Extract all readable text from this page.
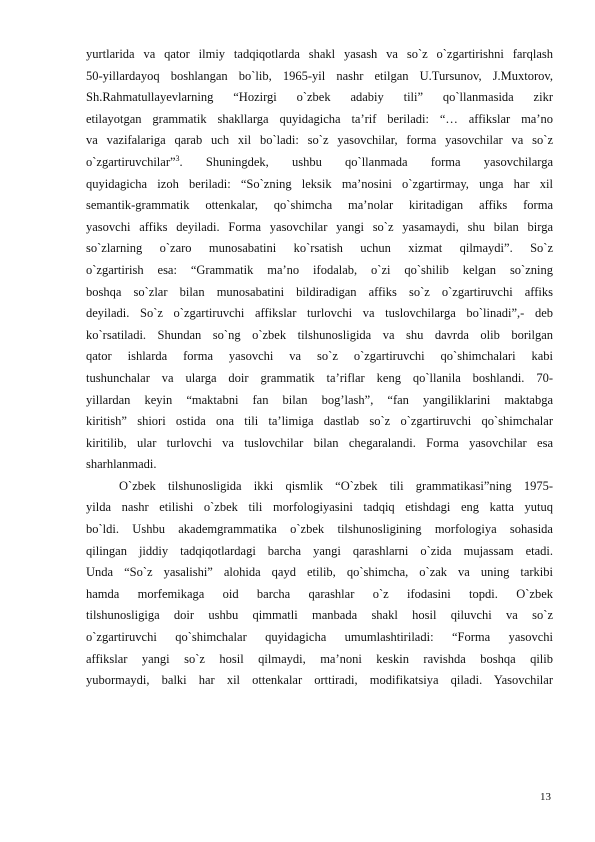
yurtlarida va qator ilmiy tadqiqotlarda shakl yasash va so`z o`zgartirishni farqlash
50-yillardayoq boshlangan bo`lib, 1965-yil nashr etilgan U.Tursunov, J.Muxtorov,
Sh.Rahmatullayevlarning “Hozirgi o`zbek adabiy tili” qo`llanmasida zikr
etilayotgan grammatik shakllarga quyidagicha ta’rif beriladi: “… affikslar ma’no
va vazifalariga qarab uch xil bo`ladi: so`z yasovchilar, forma yasovchilar va so`z
o`zgartiruvchilar”$^3$. Shuningdek, ushbu qo`llanmada forma yasovchilarga
quyidagicha izoh beriladi: “So`zning leksik ma’nosini o`zgartirmay, unga har xil
semantik-grammatik ottenkalar, qo`shimcha ma’nolar kiritadigan affiks forma
yasovchi affiks deyiladi. Forma yasovchilar yangi so`z yasamaydi, shu bilan birga
so`zlarning o`zaro munosabatini ko`rsatish uchun xizmat qilmaydi”. So`z
o`zgartirish esa: “Grammatik ma’no ifodalab, o`zi qo`shilib kelgan so`zning
boshqa so`zlar bilan munosabatini bildiradigan affiks so`z o`zgartiruvchi affiks
deyiladi. So`z o`zgartiruvchi affikslar turlovchi va tuslovchilarga bo`linadi”,- deb
ko`rsatiladi. Shundan so`ng o`zbek tilshunosligida va shu davrda olib borilgan
qator ishlarda forma yasovchi va so`z o`zgartiruvchi qo`shimchalari kabi
tushunchalar va ularga doir grammatik ta’riflar keng qo`llanila boshlandi. 70-
yillardan keyin “maktabni fan bilan bog’lash”, “fan yangiliklarini maktabga
kiritish” shiori ostida ona tili ta’limiga dastlab so`z o`zgartiruvchi qo`shimchalar
kiritilib, ular turlovchi va tuslovchilar bilan chegaralandi. Forma yasovchilar esa
sharhlanmadi.
O`zbek tilshunosligida ikki qismlik “O`zbek tili grammatikasi”ning 1975-
yilda nashr etilishi o`zbek tili morfologiyasini tadqiq etishdagi eng katta yutuq
bo`ldi. Ushbu akademgrammatika o`zbek tilshunosligining morfologiya sohasida
qilingan jiddiy tadqiqotlardagi barcha yangi qarashlarni o`zida mujassam etadi.
Unda “So`z yasalishi” alohida qayd etilib, qo`shimcha, o`zak va uning tarkibi
hamda morfemikaga oid barcha qarashlar o`z ifodasini topdi. O`zbek
tilshunosligiga doir ushbu qimmatli manbada shakl hosil qiluvchi va so`z
o`zgartiruvchi qo`shimchalar quyidagicha umumlashtiriladi: “Forma yasovchi
affikslar yangi so`z hosil qilmaydi, ma’noni keskin ravishda boshqa qilib
yubormaydi, balki har xil ottenkalar orttiradi, modifikatsiya qiladi. Yasovchilar
13
